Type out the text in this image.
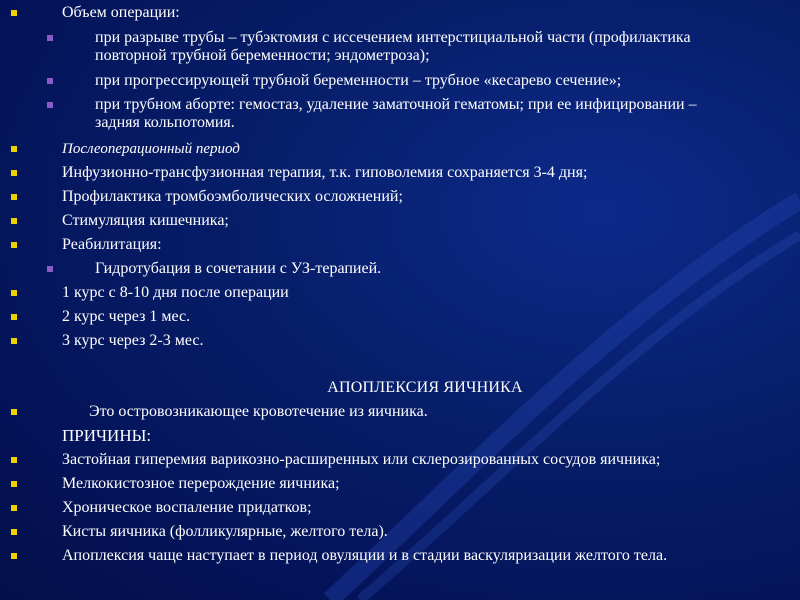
Объем операции:
при разрыве трубы – тубэктомия с иссечением интерстициальной части (профилактика повторной трубной беременности; эндометроза);
при прогрессирующей трубной беременности – трубное «кесарево сечение»;
при трубном аборте: гемостаз, удаление заматочной гематомы; при ее инфицировании – задняя кольпотомия.
Послеоперационный период
Инфузионно-трансфузионная терапия, т.к. гиповолемия сохраняется 3-4 дня;
Профилактика тромбоэмболических осложнений;
Стимуляция кишечника;
Реабилитация:
Гидротубация в сочетании с УЗ-терапией.
1 курс с 8-10 дня после операции
2 курс через 1 мес.
3 курс через 2-3 мес.
АПОПЛЕКСИЯ ЯИЧНИКА
Это островозникающее кровотечение из яичника.
ПРИЧИНЫ:
Застойная гиперемия варикозно-расширенных или склерозированных сосудов яичника;
Мелкокистозное перерождение яичника;
Хроническое воспаление придатков;
Кисты яичника (фолликулярные, желтого тела).
Апоплексия чаще наступает в период овуляции и в стадии васкуляризации желтого тела.
